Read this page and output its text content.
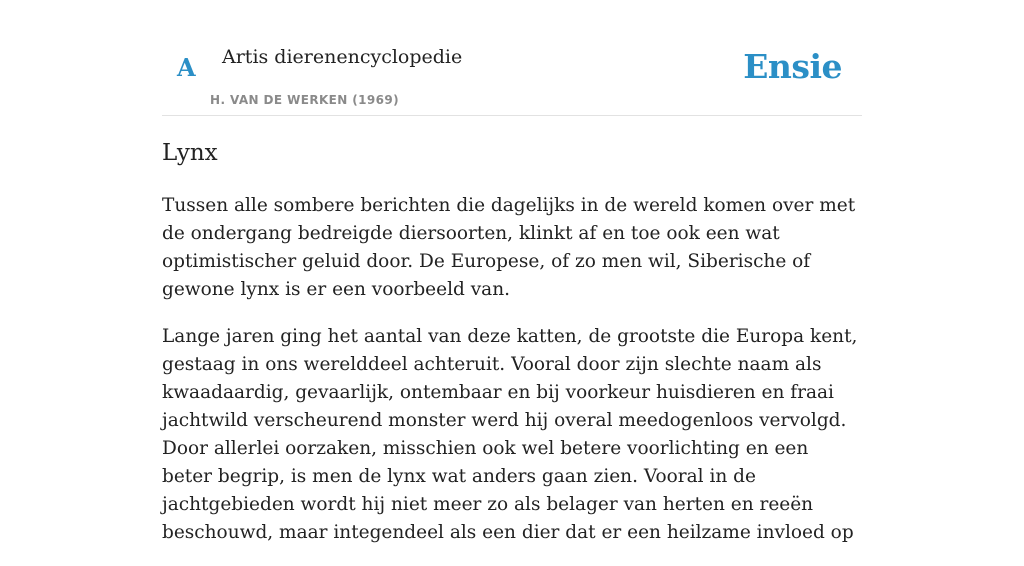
A Artis dierenencyclopedie
H. VAN DE WERKEN (1969)
Ensie
Lynx

Tussen alle sombere berichten die dagelijks in de wereld komen over met de ondergang bedreigde diersoorten, klinkt af en toe ook een wat optimistischer geluid door. De Europese, of zo men wil, Siberische of gewone lynx is er een voorbeeld van.

Lange jaren ging het aantal van deze katten, de grootste die Europa kent, gestaag in ons werelddeel achteruit. Vooral door zijn slechte naam als kwaadaardig, gevaarlijk, ontembaar en bij voorkeur huisdieren en fraai jachtwild verscheurend monster werd hij overal meedogenloos vervolgd. Door allerlei oorzaken, misschien ook wel betere voorlichting en een beter begrip, is men de lynx wat anders gaan zien. Vooral in de jachtgebieden wordt hij niet meer zo als belager van herten en reeën beschouwd, maar integendeel als een dier dat er een heilzame invloed op
